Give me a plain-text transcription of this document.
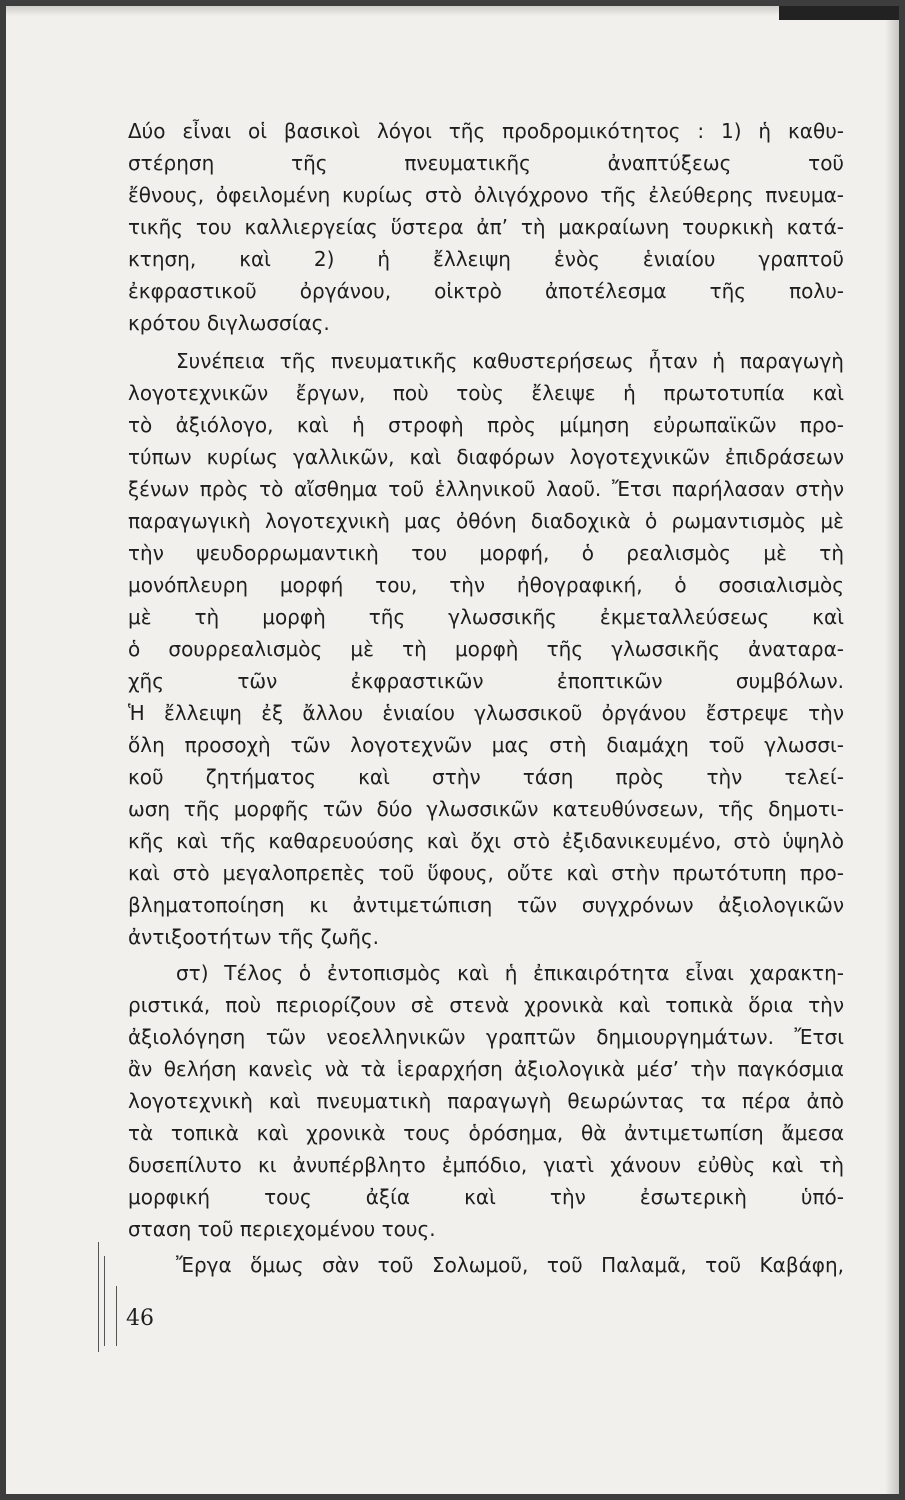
Δύο εἶναι οἱ βασικοὶ λόγοι τῆς προδρομικότητος : 1) ἡ καθυ-
στέρηση τῆς πνευματικῆς ἀναπτύξεως τοῦ
ἔθνους, ὀφειλομένη κυρίως στὸ ὀλιγόχρονο τῆς ἐλεύθερης πνευμα-
τικῆς του καλλιεργείας ὕστερα ἀπ’ τὴ μακραίωνη τουρκικὴ κατά-
κτηση, καὶ 2) ἡ ἔλλειψη ἑνὸς ἑνιαίου γραπτοῦ
ἐκφραστικοῦ ὀργάνου, οἰκτρὸ ἀποτέλεσμα τῆς πολυ-
κρότου διγλωσσίας.
Συνέπεια τῆς πνευματικῆς καθυστερήσεως ἦταν ἡ παραγωγὴ
λογοτεχνικῶν ἔργων, ποὺ τοὺς ἔλειψε ἡ πρωτοτυπία καὶ
τὸ ἀξιόλογο, καὶ ἡ στροφὴ πρὸς μίμηση εὐρωπαϊκῶν προ-
τύπων κυρίως γαλλικῶν, καὶ διαφόρων λογοτεχνικῶν ἐπιδράσεων
ξένων πρὸς τὸ αἴσθημα τοῦ ἑλληνικοῦ λαοῦ. Ἔτσι παρήλασαν στὴν
παραγωγικὴ λογοτεχνικὴ μας ὀθόνη διαδοχικὰ ὁ ρωμαντισμὸς μὲ
τὴν ψευδορρωμαντικὴ του μορφή, ὁ ρεαλισμὸς μὲ τὴ
μονόπλευρη μορφή του, τὴν ἠθογραφική, ὁ σοσιαλισμὸς
μὲ τὴ μορφὴ τῆς γλωσσικῆς ἐκμεταλλεύσεως καὶ
ὁ σουρρεαλισμὸς μὲ τὴ μορφὴ τῆς γλωσσικῆς ἀναταρα-
χῆς τῶν ἐκφραστικῶν ἐποπτικῶν συμβόλων.
Ἡ ἔλλειψη ἐξ ἄλλου ἑνιαίου γλωσσικοῦ ὀργάνου ἔστρεψε τὴν
ὅλη προσοχὴ τῶν λογοτεχνῶν μας στὴ διαμάχη τοῦ γλωσσι-
κοῦ ζητήματος καὶ στὴν τάση πρὸς τὴν τελεί-
ωση τῆς μορφῆς τῶν δύο γλωσσικῶν κατευθύνσεων, τῆς δημοτι-
κῆς καὶ τῆς καθαρευούσης καὶ ὄχι στὸ ἐξιδανικευμένο, στὸ ὑψηλὸ
καὶ στὸ μεγαλοπρεπὲς τοῦ ὕφους, οὔτε καὶ στὴν πρωτότυπη προ-
βληματοποίηση κι ἀντιμετώπιση τῶν συγχρόνων ἀξιολογικῶν
ἀντιξοοτήτων τῆς ζωῆς.
στ) Τέλος ὁ ἐντοπισμὸς καὶ ἡ ἐπικαιρότητα εἶναι χαρακτη-
ριστικά, ποὺ περιορίζουν σὲ στενὰ χρονικὰ καὶ τοπικὰ ὅρια τὴν
ἀξιολόγηση τῶν νεοελληνικῶν γραπτῶν δημιουργημάτων. Ἔτσι
ἂν θελήση κανεὶς νὰ τὰ ἱεραρχήση ἀξιολογικὰ μέσ’ τὴν παγκόσμια
λογοτεχνικὴ καὶ πνευματικὴ παραγωγὴ θεωρώντας τα πέρα ἀπὸ
τὰ τοπικὰ καὶ χρονικὰ τους ὁρόσημα, θὰ ἀντιμετωπίση ἄμεσα
δυσεπίλυτο κι ἀνυπέρβλητο ἐμπόδιο, γιατὶ χάνουν εὐθὺς καὶ τὴ
μορφική τους ἀξία καὶ τὴν ἐσωτερικὴ ὑπό-
σταση τοῦ περιεχομένου τους.
Ἔργα ὅμως σὰν τοῦ Σολωμοῦ, τοῦ Παλαμᾶ, τοῦ Καβάφη,
46
